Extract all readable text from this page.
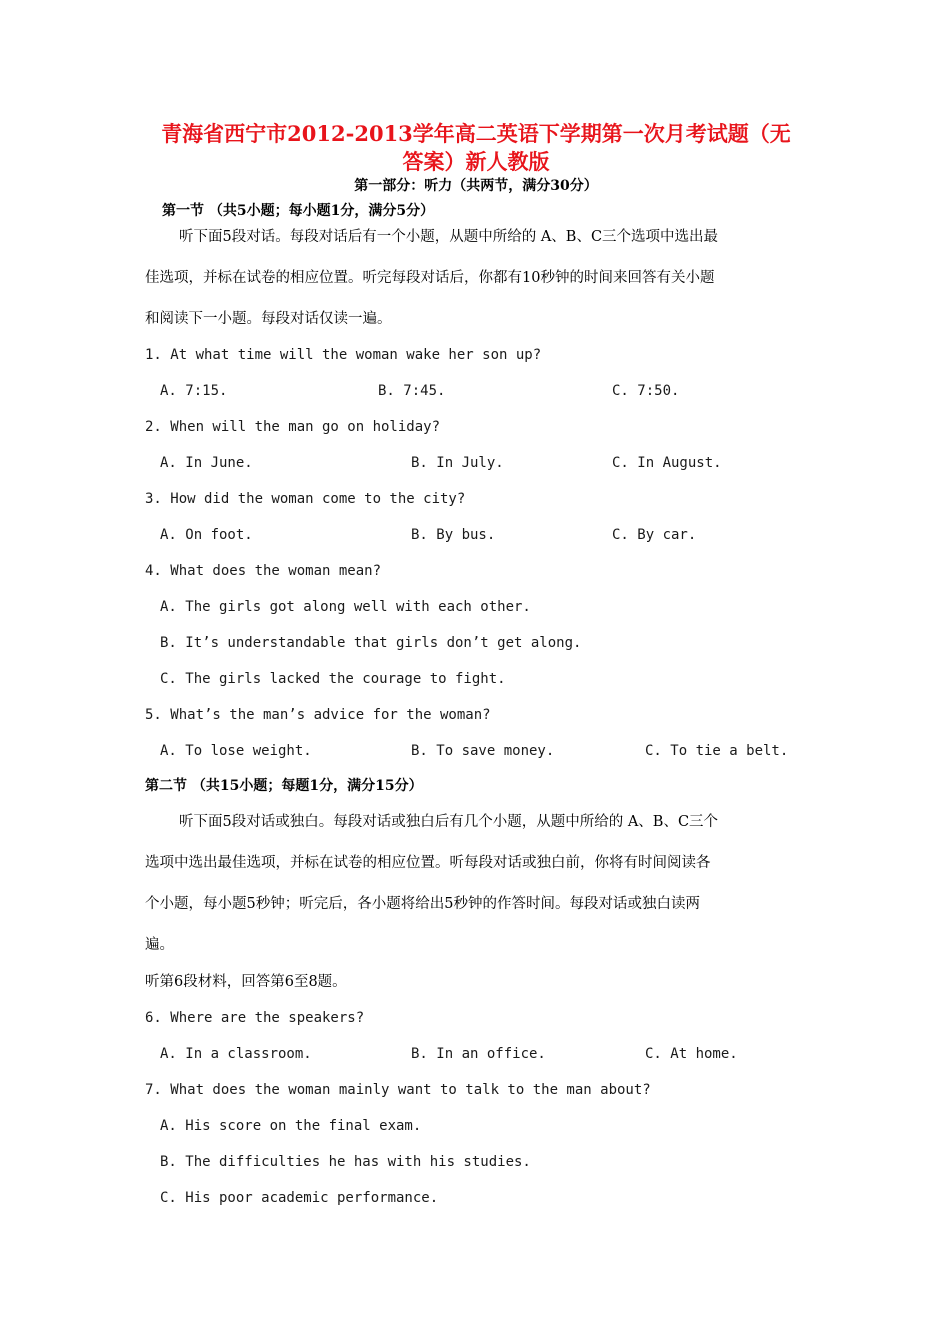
青海省西宁市2012-2013学年高二英语下学期第一次月考试题（无
答案）新人教版
第一部分：听力（共两节，满分30分）
第一节 （共5小题；每小题1分，满分5分）
听下面5段对话。每段对话后有一个小题，从题中所给的 A、B、C三个选项中选出最
佳选项，并标在试卷的相应位置。听完每段对话后，你都有10秒钟的时间来回答有关小题
和阅读下一小题。每段对话仅读一遍。
1. At what time will the woman wake her son up?
A. 7:15.	B. 7:45.	C. 7:50.
2. When will the man go on holiday?
A. In June.	B. In July.	C. In August.
3. How did the woman come to the city?
A. On foot.	B. By bus.	C. By car.
4. What does the woman mean?
A. The girls got along well with each other.
B. It’s understandable that girls don’t get along.
C. The girls lacked the courage to fight.
5. What’s the man’s advice for the woman?
A. To lose weight.	B. To save money.	C. To tie a belt.
第二节 （共15小题；每题1分，满分15分）
听下面5段对话或独白。每段对话或独白后有几个小题，从题中所给的 A、B、C三个
选项中选出最佳选项，并标在试卷的相应位置。听每段对话或独白前，你将有时间阅读各
个小题，每小题5秒钟；听完后，各小题将给出5秒钟的作答时间。每段对话或独白读两
遍。
听第6段材料，回答第6至8题。
6. Where are the speakers?
A. In a classroom.	B. In an office.	C. At home.
7. What does the woman mainly want to talk to the man about?
A. His score on the final exam.
B. The difficulties he has with his studies.
C. His poor academic performance.
